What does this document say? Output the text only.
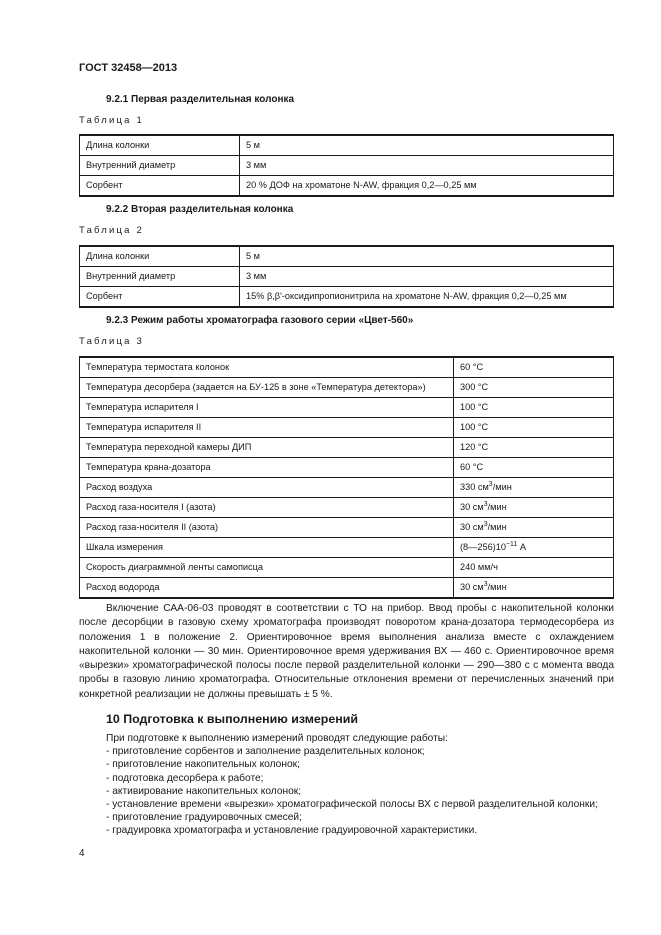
ГОСТ 32458—2013
9.2.1 Первая разделительная колонка
Таблица 1
Длина колонки	5 м
Внутренний диаметр	3 мм
Сорбент	20 % ДОФ на хроматоне N-AW, фракция 0,2—0,25 мм
9.2.2 Вторая разделительная колонка
Таблица 2
Длина колонки	5 м
Внутренний диаметр	3 мм
Сорбент	15% β,β'-оксидипропионитрила на хроматоне N-AW, фракция 0,2—0,25 мм
9.2.3 Режим работы хроматографа газового серии «Цвет-560»
Таблица 3
Температура термостата колонок	60 °С
Температура десорбера (задается на БУ-125 в зоне «Температура детектора»)	300 °С
Температура испарителя I	100 °С
Температура испарителя II	100 °С
Температура переходной камеры ДИП	120 °С
Температура крана-дозатора	60 °С
Расход воздуха	330 $см^3$/мин
Расход газа-носителя I (азота)	30 $см^3$/мин
Расход газа-носителя II (азота)	30 $см^3$/мин
Шкала измерения	$(8—256)10^{-11}$ А
Скорость диаграммной ленты самописца	240 мм/ч
Расход водорода	30 $см^3$/мин

Включение САА-06-03 проводят в соответствии с ТО на прибор. Ввод пробы с накопительной колонки после десорбции в газовую схему хроматографа производят поворотом крана-дозатора термодесорбера из положения 1 в положение 2. Ориентировочное время выполнения анализа вместе с охлаждением накопительной колонки — 30 мин. Ориентировочное время удерживания ВХ — 460 с. Ориентировочное время «вырезки» хроматографической полосы после первой разделительной колонки — 290—380 с с момента ввода пробы в газовую линию хроматографа. Относительные отклонения времени от перечисленных значений при конкретной реализации не должны превышать ± 5 %.

10 Подготовка к выполнению измерений
При подготовке к выполнению измерений проводят следующие работы:
- приготовление сорбентов и заполнение разделительных колонок;
- приготовление накопительных колонок;
- подготовка десорбера к работе;
- активирование накопительных колонок;
- установление времени «вырезки» хроматографической полосы ВХ с первой разделительной колонки;
- приготовление градуировочных смесей;
- градуировка хроматографа и установление градуировочной характеристики.
4
